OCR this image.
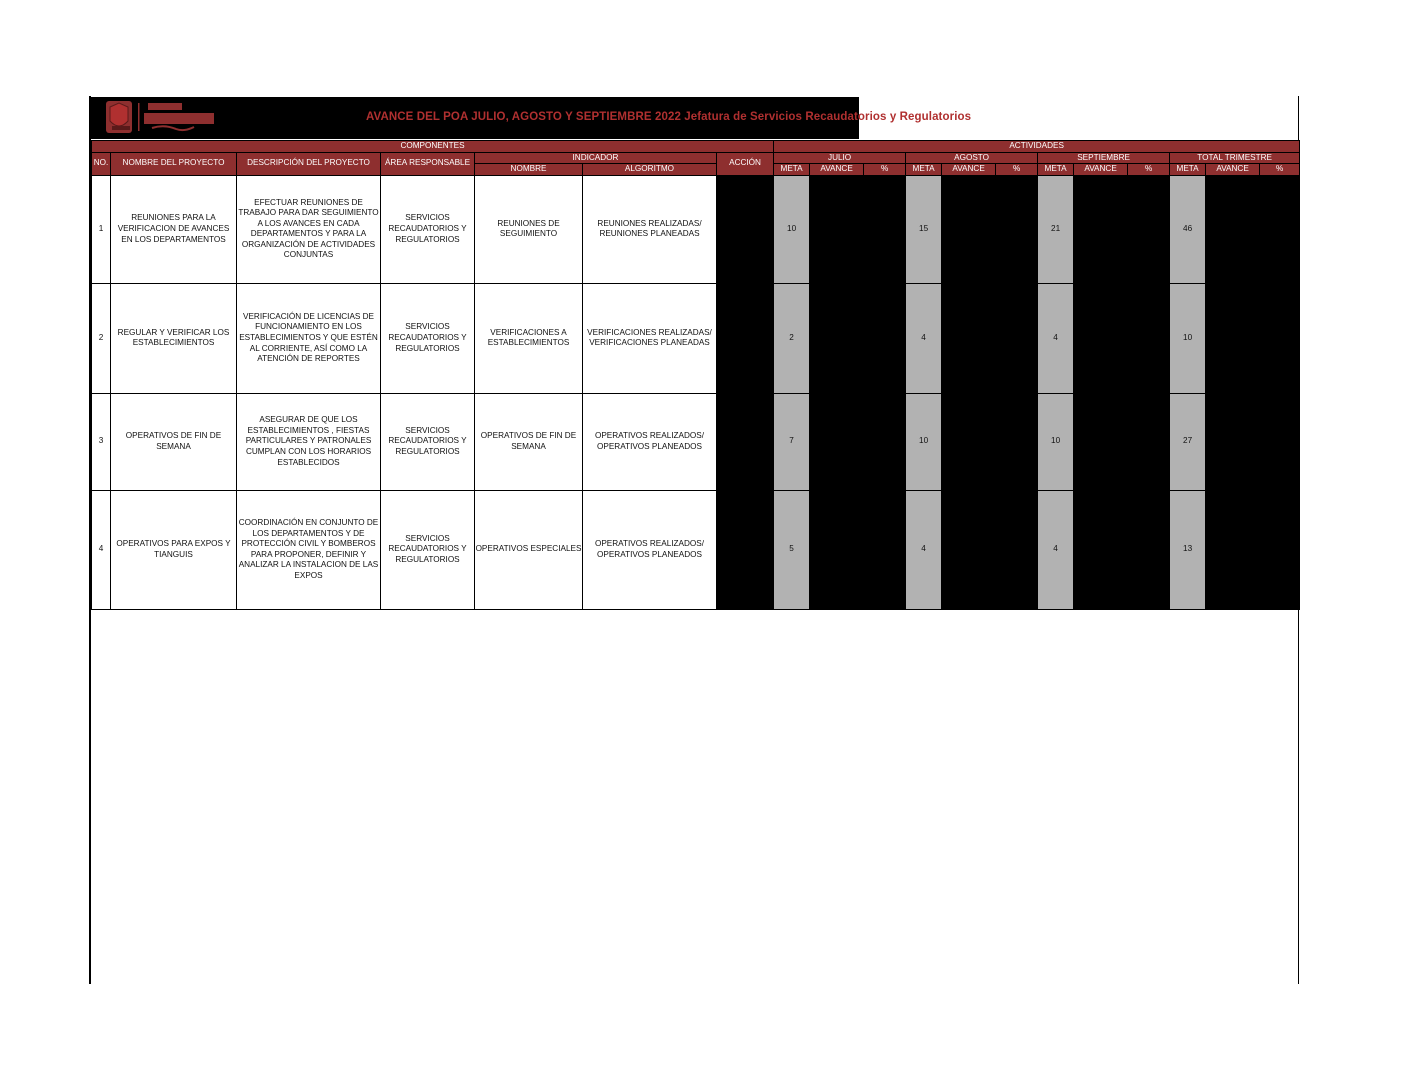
AVANCE DEL POA JULIO, AGOSTO Y SEPTIEMBRE 2022 Jefatura de Servicios Recaudatorios y Regulatorios
COMPONENTES							ACTIVIDADES											
NO.	NOMBRE DEL PROYECTO	DESCRIPCIÓN DEL PROYECTO	ÁREA RESPONSABLE	INDICADOR		ACCIÓN	JULIO			AGOSTO			SEPTIEMBRE			TOTAL TRIMESTRE		
				NOMBRE	ALGORITMO		META	AVANCE	%	META	AVANCE	%	META	AVANCE	%	META	AVANCE	%
1	REUNIONES PARA LA VERIFICACION DE AVANCES EN LOS DEPARTAMENTOS	EFECTUAR REUNIONES DE TRABAJO PARA DAR SEGUIMIENTO A LOS AVANCES EN CADA DEPARTAMENTOS Y PARA LA ORGANIZACIÓN DE ACTIVIDADES CONJUNTAS	SERVICIOS RECAUDATORIOS Y REGULATORIOS	REUNIONES DE SEGUIMIENTO	REUNIONES REALIZADAS/ REUNIONES PLANEADAS		10			15			21			46		
2	REGULAR Y VERIFICAR LOS ESTABLECIMIENTOS	VERIFICACIÓN DE LICENCIAS DE FUNCIONAMIENTO EN LOS ESTABLECIMIENTOS Y QUE ESTÉN AL CORRIENTE, ASÍ COMO LA ATENCIÓN DE REPORTES	SERVICIOS RECAUDATORIOS Y REGULATORIOS	VERIFICACIONES A ESTABLECIMIENTOS	VERIFICACIONES REALIZADAS/ VERIFICACIONES PLANEADAS		2			4			4			10		
3	OPERATIVOS DE FIN DE SEMANA	ASEGURAR DE QUE LOS ESTABLECIMIENTOS , FIESTAS PARTICULARES Y PATRONALES CUMPLAN CON LOS HORARIOS ESTABLECIDOS	SERVICIOS RECAUDATORIOS Y REGULATORIOS	OPERATIVOS DE FIN DE SEMANA	OPERATIVOS REALIZADOS/ OPERATIVOS PLANEADOS		7			10			10			27		
4	OPERATIVOS PARA EXPOS Y TIANGUIS	COORDINACIÓN EN CONJUNTO DE LOS DEPARTAMENTOS Y DE PROTECCIÓN CIVIL Y BOMBEROS PARA PROPONER, DEFINIR Y ANALIZAR LA INSTALACION DE LAS EXPOS	SERVICIOS RECAUDATORIOS Y REGULATORIOS	OPERATIVOS ESPECIALES	OPERATIVOS REALIZADOS/ OPERATIVOS PLANEADOS		5			4			4			13		
